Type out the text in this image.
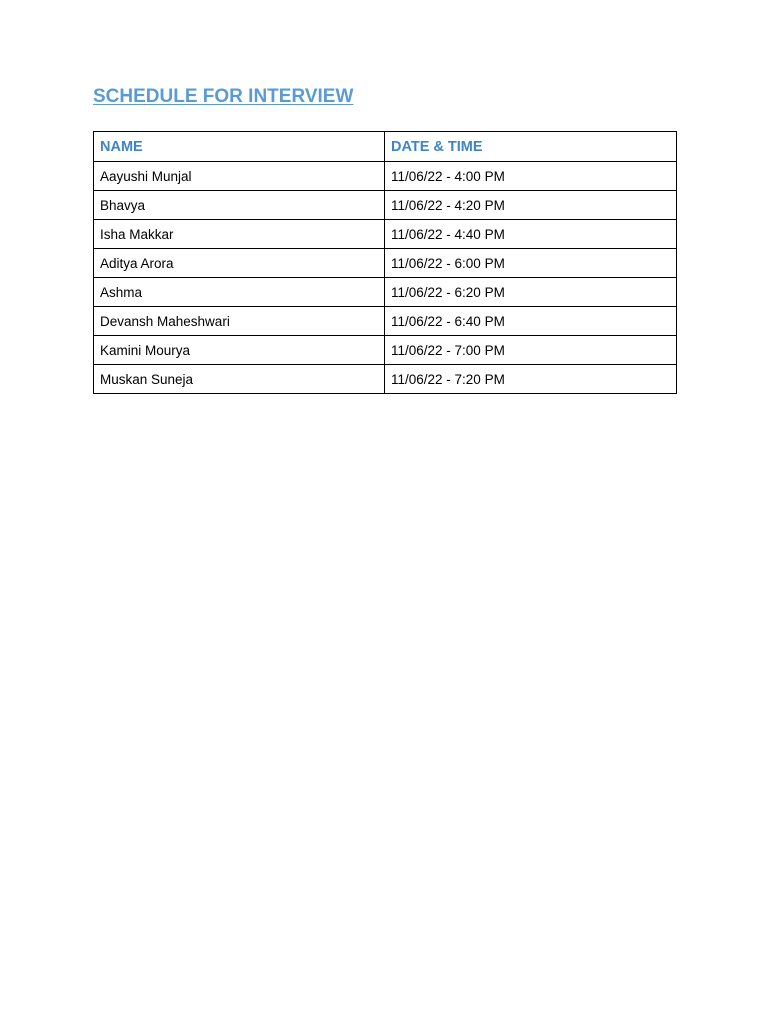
SCHEDULE FOR INTERVIEW
NAME	DATE & TIME
Aayushi Munjal	11/06/22 - 4:00 PM
Bhavya	11/06/22 - 4:20 PM
Isha Makkar	11/06/22 - 4:40 PM
Aditya Arora	11/06/22 - 6:00 PM
Ashma	11/06/22 - 6:20 PM
Devansh Maheshwari	11/06/22 - 6:40 PM
Kamini Mourya	11/06/22 - 7:00 PM
Muskan Suneja	11/06/22 - 7:20 PM
